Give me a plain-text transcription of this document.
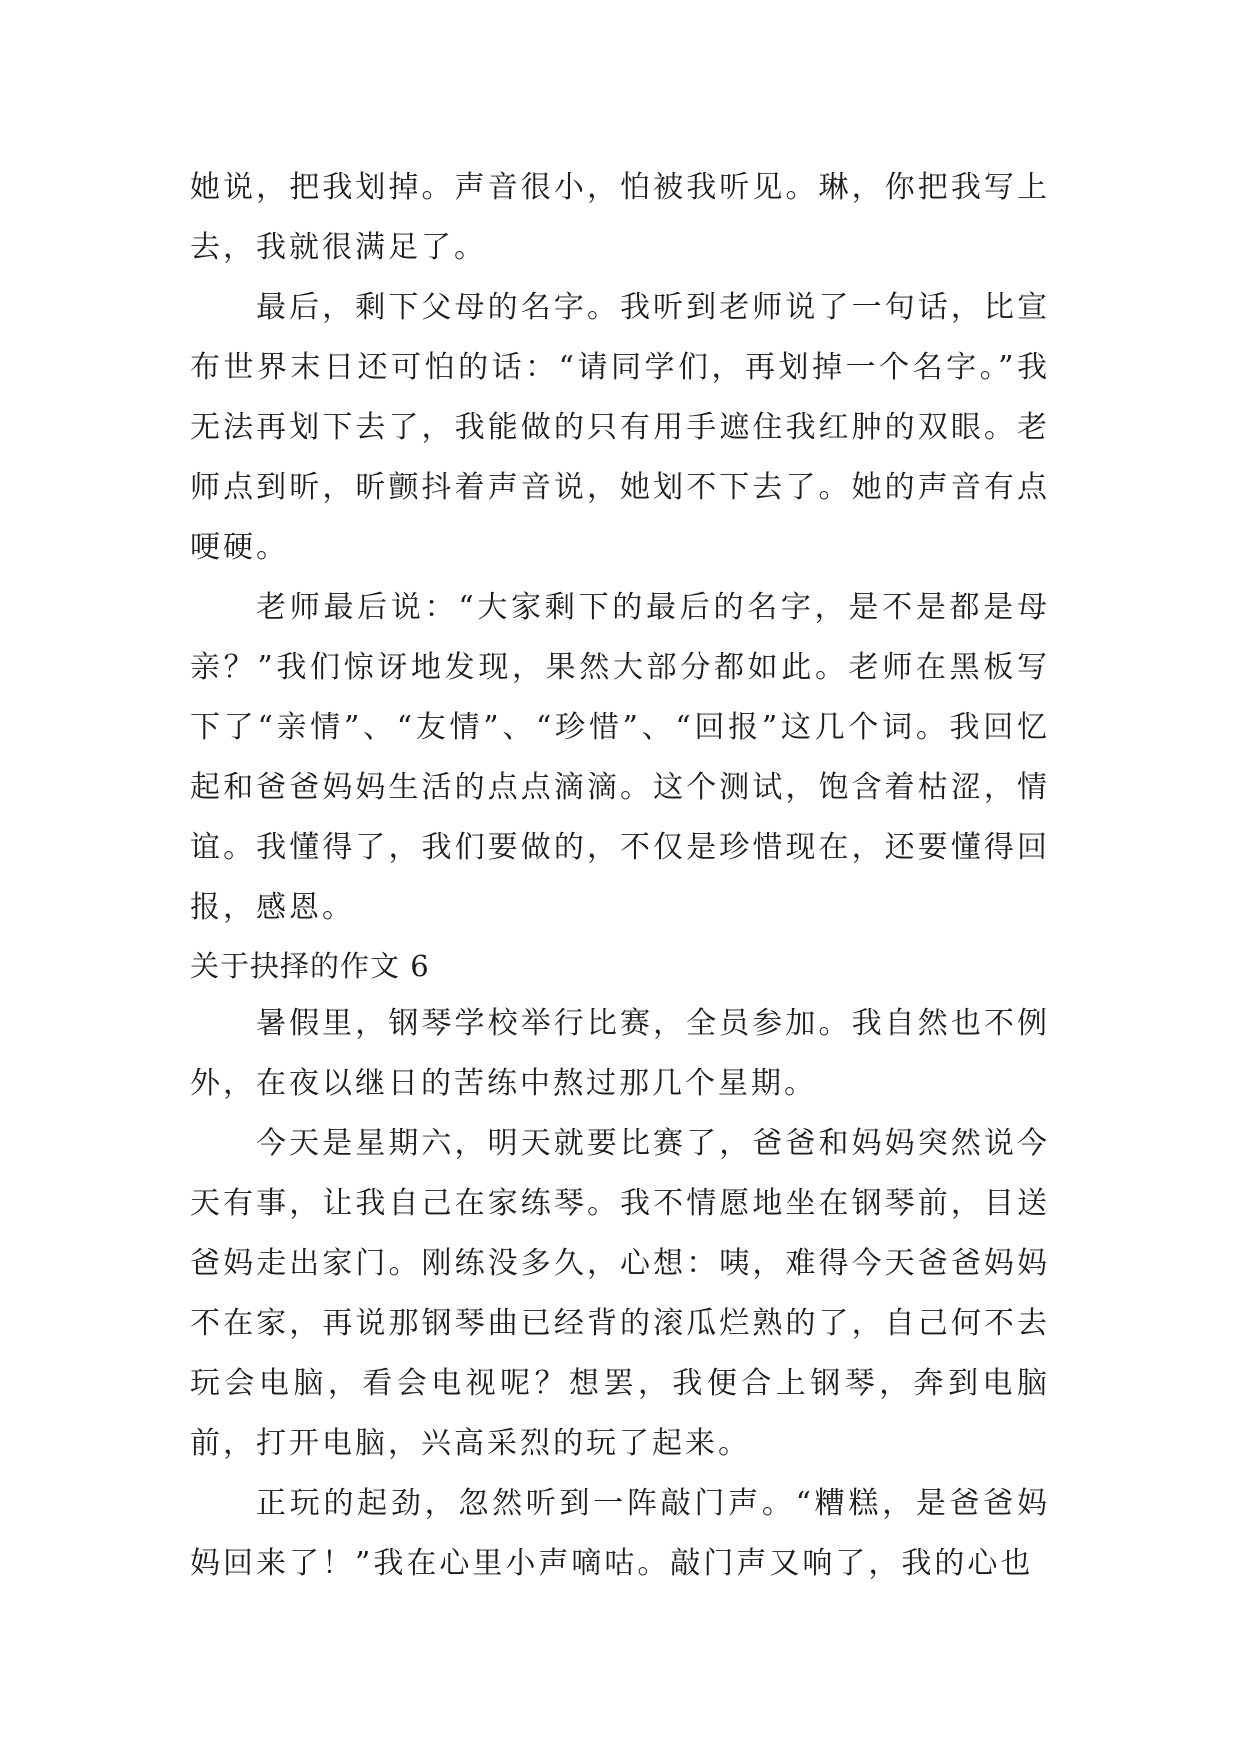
她说，把我划掉。声音很小，怕被我听见。琳，你把我写上去，我就很满足了。

最后，剩下父母的名字。我听到老师说了一句话，比宣布世界末日还可怕的话：“请同学们，再划掉一个名字。”我无法再划下去了，我能做的只有用手遮住我红肿的双眼。老师点到昕，昕颤抖着声音说，她划不下去了。她的声音有点哽硬。

老师最后说：“大家剩下的最后的名字，是不是都是母亲？”我们惊讶地发现，果然大部分都如此。老师在黑板写下了“亲情”、“友情”、“珍惜”、“回报”这几个词。我回忆起和爸爸妈妈生活的点点滴滴。这个测试，饱含着枯涩，情谊。我懂得了，我们要做的，不仅是珍惜现在，还要懂得回报，感恩。

关于抉择的作文 6

暑假里，钢琴学校举行比赛，全员参加。我自然也不例外，在夜以继日的苦练中熬过那几个星期。

今天是星期六，明天就要比赛了，爸爸和妈妈突然说今天有事，让我自己在家练琴。我不情愿地坐在钢琴前，目送爸妈走出家门。刚练没多久，心想：咦，难得今天爸爸妈妈不在家，再说那钢琴曲已经背的滚瓜烂熟的了，自己何不去玩会电脑，看会电视呢？想罢，我便合上钢琴，奔到电脑前，打开电脑，兴高采烈的玩了起来。

正玩的起劲，忽然听到一阵敲门声。“糟糕，是爸爸妈妈回来了！”我在心里小声嘀咕。敲门声又响了，我的心也
